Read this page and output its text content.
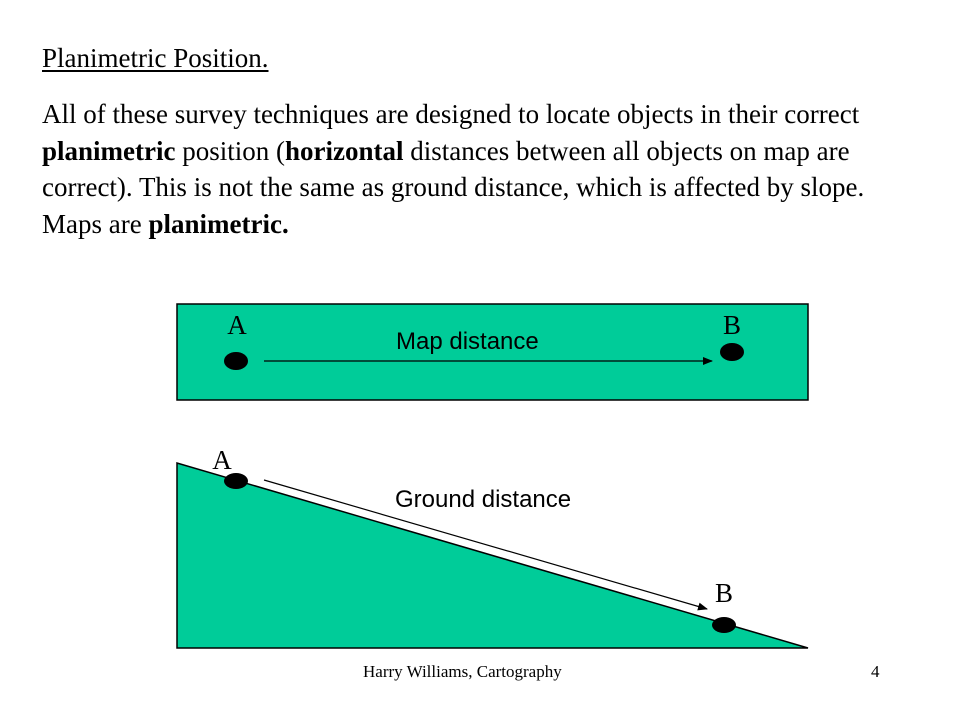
Planimetric Position.
All of these survey techniques are designed to locate objects in their correct planimetric position (horizontal distances between all objects on map are correct). This is not the same as ground distance, which is affected by slope. Maps are planimetric.
A	B
Map distance
A
B
Ground distance
Harry Williams, Cartography	4
